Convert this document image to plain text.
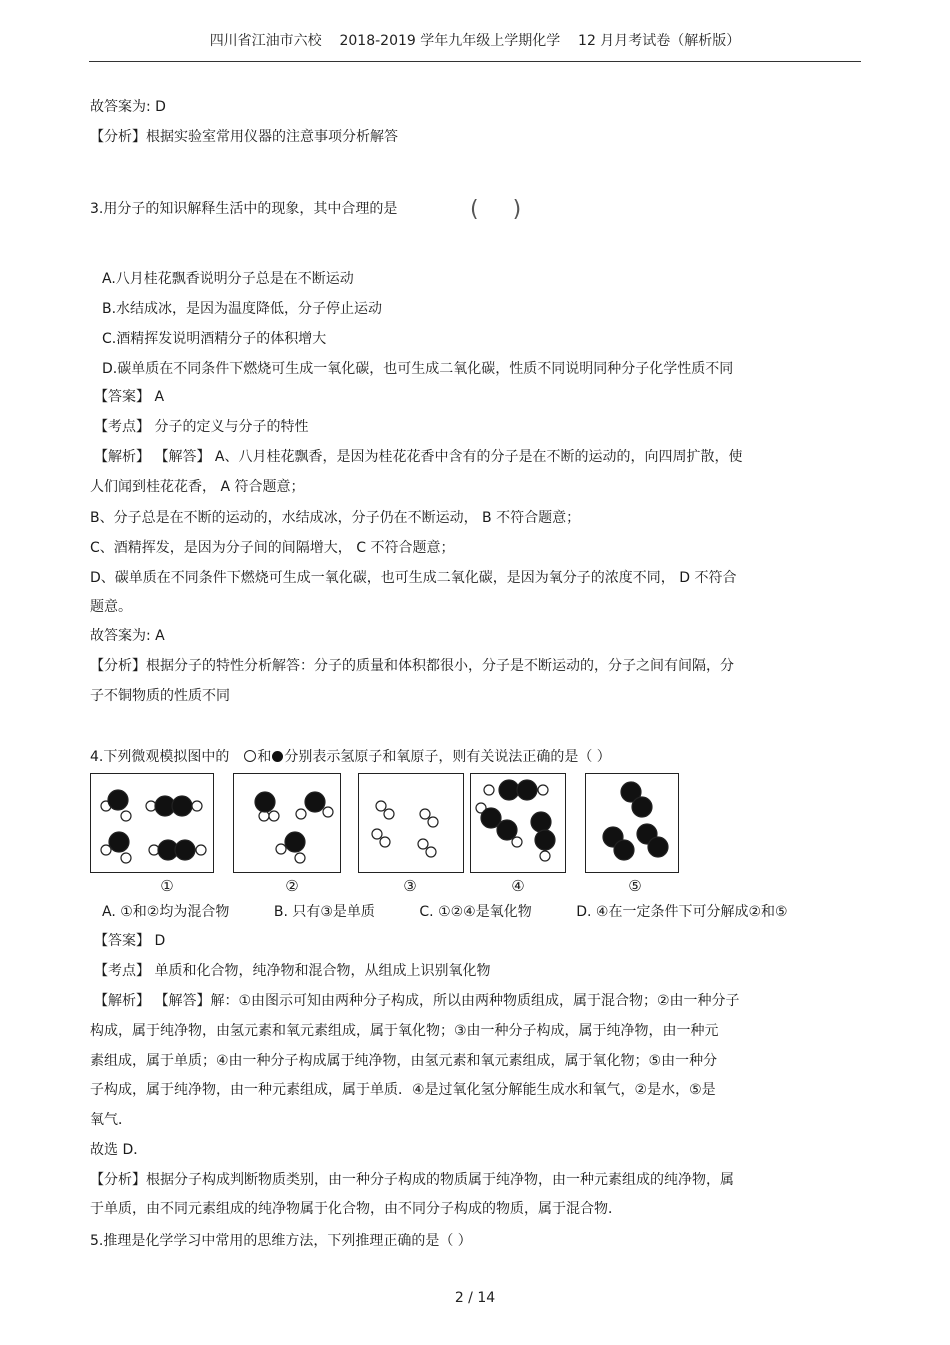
四川省江油市六校    2018-2019 学年九年级上学期化学    12 月月考试卷（解析版）
故答案为: D
【分析】根据实验室常用仪器的注意事项分析解答
3.用分子的知识解释生活中的现象，其中合理的是	( )
A.八月桂花飘香说明分子总是在不断运动
B.水结成冰，是因为温度降低，分子停止运动
C.酒精挥发说明酒精分子的体积增大
D.碳单质在不同条件下燃烧可生成一氧化碳，也可生成二氧化碳，性质不同说明同种分子化学性质不同
【答案】 A
【考点】 分子的定义与分子的特性
【解析】 【解答】 A、八月桂花飘香，是因为桂花花香中含有的分子是在不断的运动的，向四周扩散，使
人们闻到桂花花香， A 符合题意；
B、分子总是在不断的运动的，水结成冰，分子仍在不断运动， B 不符合题意；
C、酒精挥发，是因为分子间的间隔增大， C 不符合题意；
D、碳单质在不同条件下燃烧可生成一氧化碳，也可生成二氧化碳，是因为氧分子的浓度不同， D 不符合
题意。
故答案为: A
【分析】根据分子的特性分析解答：分子的质量和体积都很小，分子是不断运动的，分子之间有间隔，分
子不铜物质的性质不同
4.下列微观模拟图中的 和 分别表示氢原子和氧原子，则有关说法正确的是（ ）
①	②	③	④	⑤
A. ①和②均为混合物          B. 只有③是单质          C. ①②④是氧化物          D. ④在一定条件下可分解成②和⑤
【答案】 D
【考点】 单质和化合物，纯净物和混合物，从组成上识别氧化物
【解析】 【解答】解：①由图示可知由两种分子构成，所以由两种物质组成，属于混合物；②由一种分子
构成，属于纯净物，由氢元素和氧元素组成，属于氧化物；③由一种分子构成，属于纯净物，由一种元
素组成，属于单质；④由一种分子构成属于纯净物，由氢元素和氧元素组成，属于氧化物；⑤由一种分
子构成，属于纯净物，由一种元素组成，属于单质．④是过氧化氢分解能生成水和氧气，②是水，⑤是
氧气．
故选 D．
【分析】根据分子构成判断物质类别，由一种分子构成的物质属于纯净物，由一种元素组成的纯净物，属
于单质，由不同元素组成的纯净物属于化合物，由不同分子构成的物质，属于混合物．
5.推理是化学学习中常用的思维方法，下列推理正确的是（ ）
2 / 14
